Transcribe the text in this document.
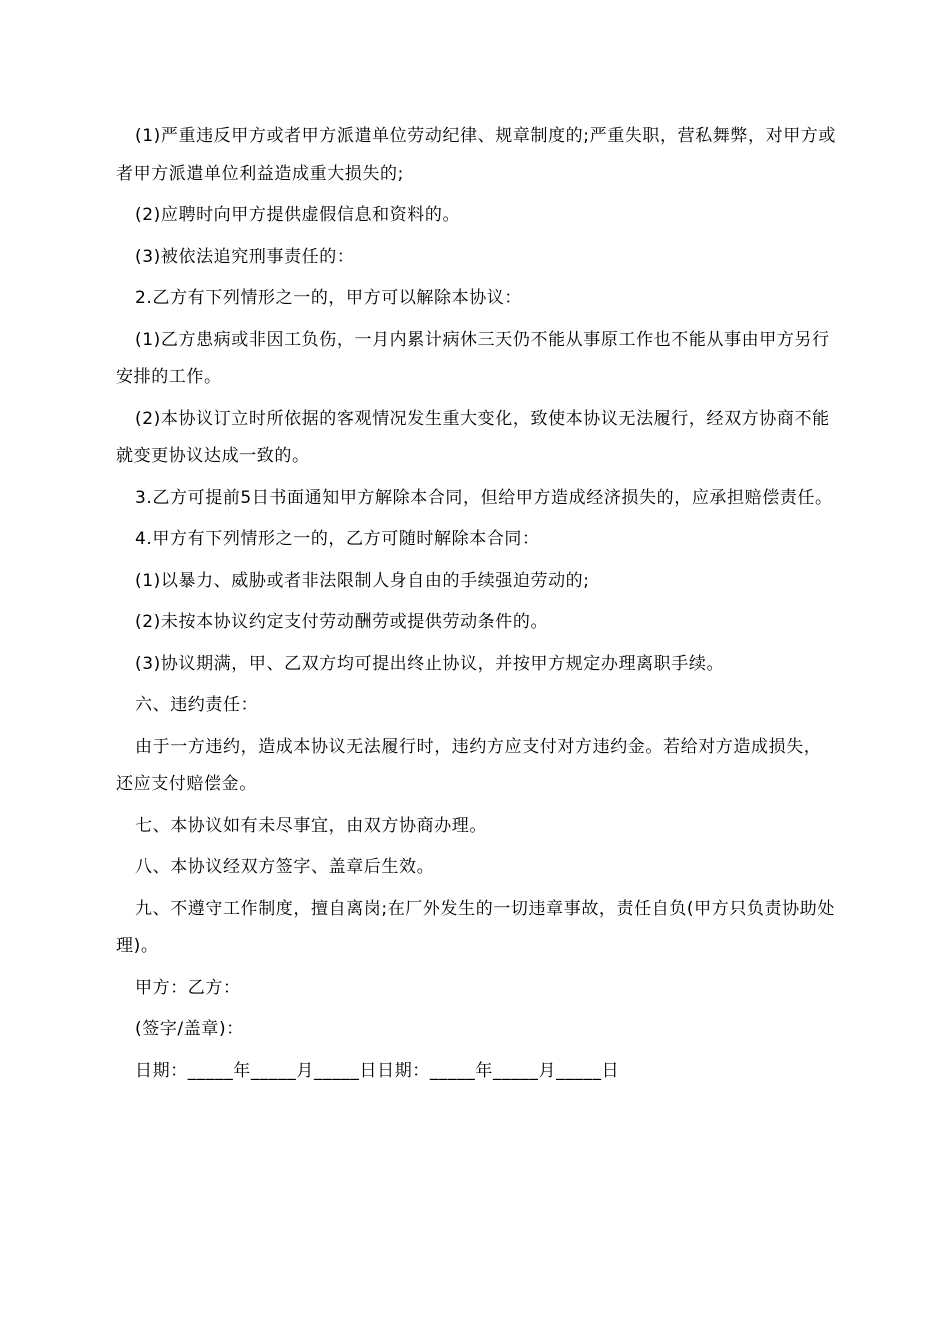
(1)严重违反甲方或者甲方派遣单位劳动纪律、规章制度的;严重失职，营私舞弊，对甲方或者甲方派遣单位利益造成重大损失的;

(2)应聘时向甲方提供虚假信息和资料的。

(3)被依法追究刑事责任的：

2.乙方有下列情形之一的，甲方可以解除本协议：

(1)乙方患病或非因工负伤，一月内累计病休三天仍不能从事原工作也不能从事由甲方另行安排的工作。

(2)本协议订立时所依据的客观情况发生重大变化，致使本协议无法履行，经双方协商不能就变更协议达成一致的。

3.乙方可提前5日书面通知甲方解除本合同，但给甲方造成经济损失的，应承担赔偿责任。

4.甲方有下列情形之一的，乙方可随时解除本合同：

(1)以暴力、威胁或者非法限制人身自由的手续强迫劳动的;

(2)未按本协议约定支付劳动酬劳或提供劳动条件的。

(3)协议期满，甲、乙双方均可提出终止协议，并按甲方规定办理离职手续。

六、违约责任：

由于一方违约，造成本协议无法履行时，违约方应支付对方违约金。若给对方造成损失，还应支付赔偿金。

七、本协议如有未尽事宜，由双方协商办理。

八、本协议经双方签字、盖章后生效。

九、不遵守工作制度，擅自离岗;在厂外发生的一切违章事故，责任自负(甲方只负责协助处理)。

甲方：乙方：

(签字/盖章)：

日期：_____年_____月_____日日期：_____年_____月_____日
